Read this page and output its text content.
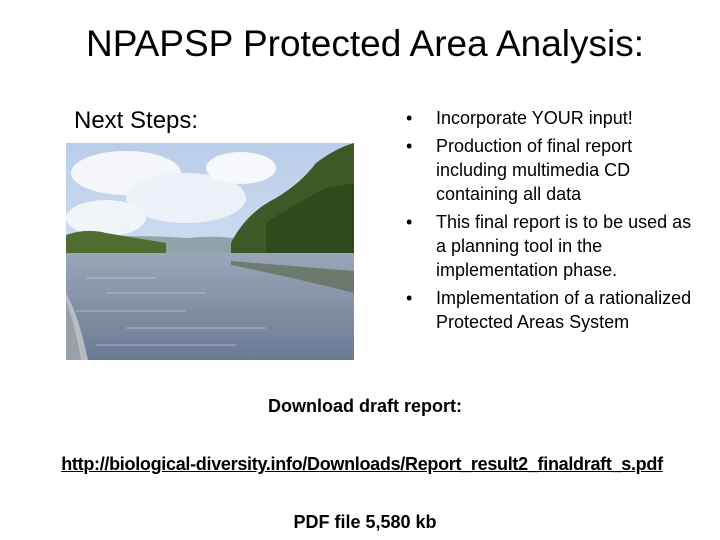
NPAPSP Protected Area Analysis:
Next Steps:	•	Incorporate YOUR input!
•	Production of final report including multimedia CD containing all data
•	This final report is to be used as a planning tool in the implementation phase.
•	Implementation of a rationalized Protected Areas System
Download draft report:
http://biological-diversity.info/Downloads/Report_result2_finaldraft_s.pdf
PDF file 5,580 kb
